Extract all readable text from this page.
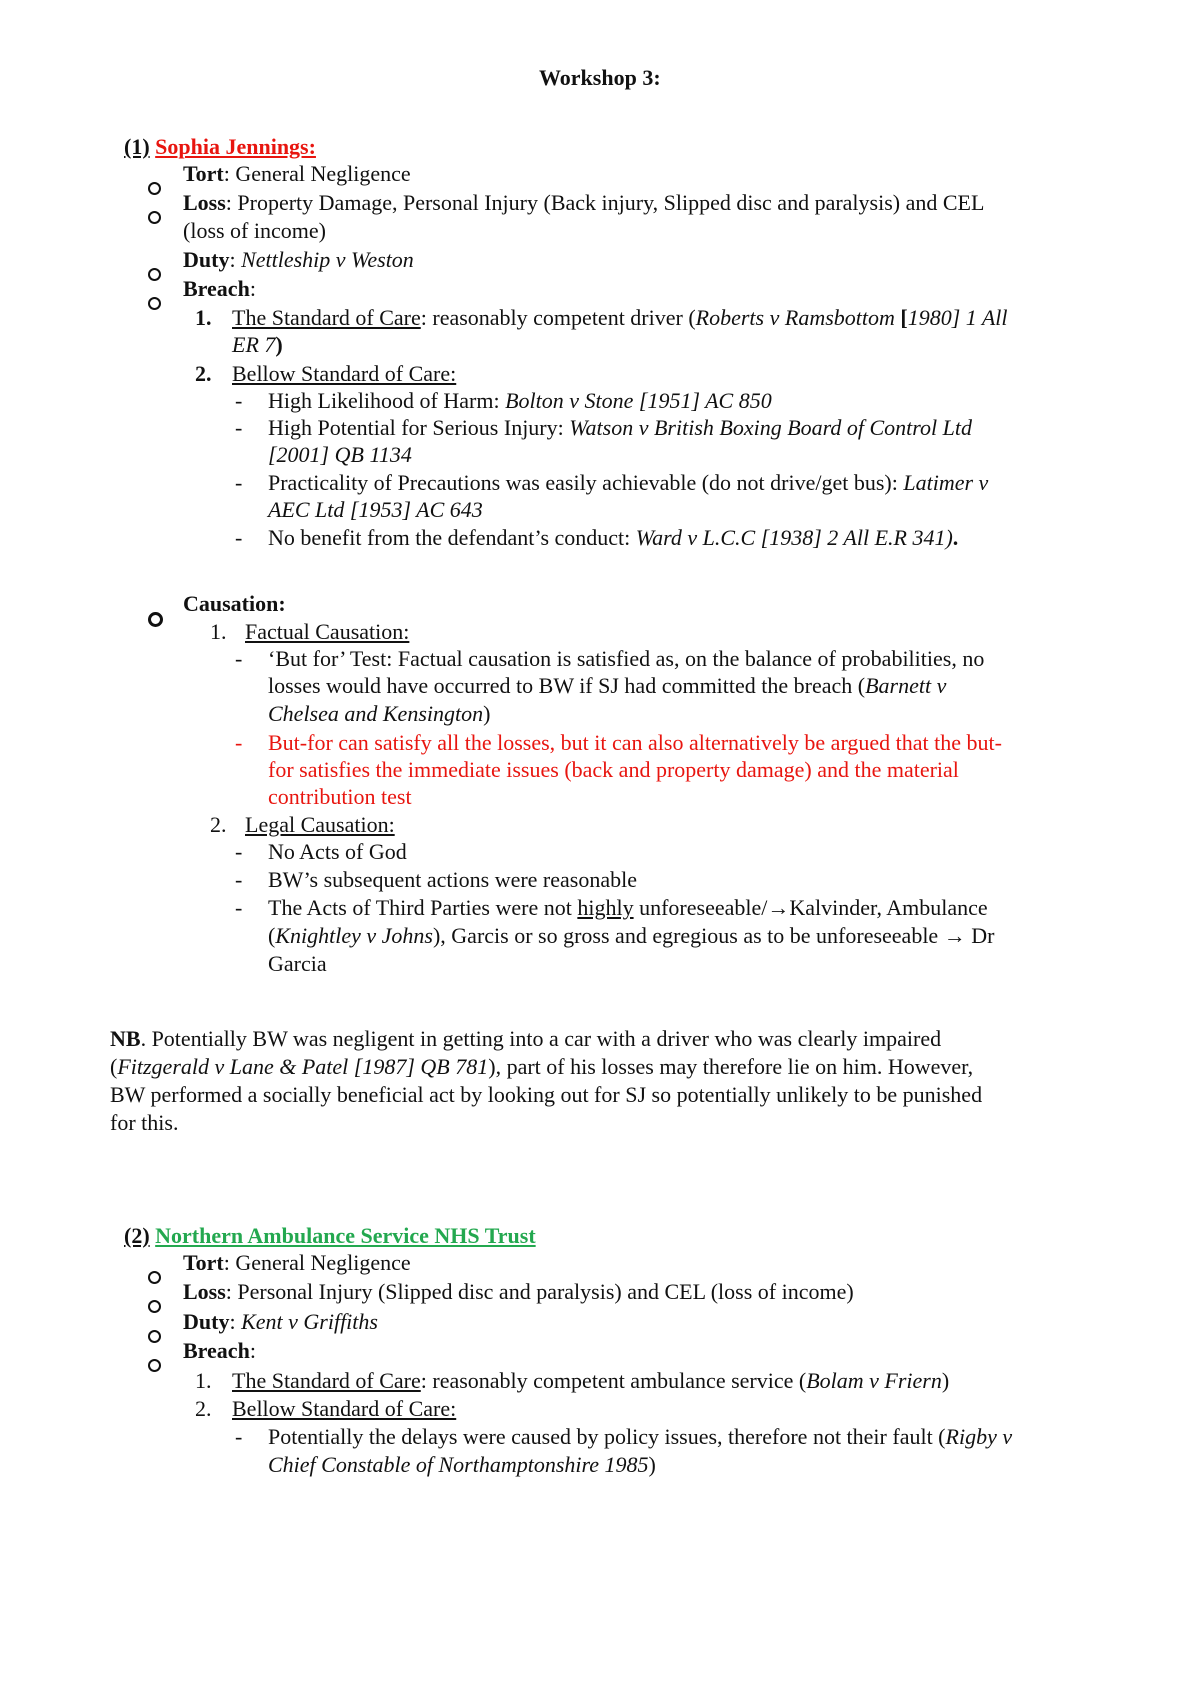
Workshop 3:
(1) Sophia Jennings:
Tort: General Negligence
Loss: Property Damage, Personal Injury (Back injury, Slipped disc and paralysis) and CEL
(loss of income)
Duty: Nettleship v Weston
Breach:
1. The Standard of Care: reasonably competent driver (Roberts v Ramsbottom [1980] 1 All
ER 7)
2. Bellow Standard of Care:
- High Likelihood of Harm: Bolton v Stone [1951] AC 850
- High Potential for Serious Injury: Watson v British Boxing Board of Control Ltd
[2001] QB 1134
- Practicality of Precautions was easily achievable (do not drive/get bus): Latimer v
AEC Ltd [1953] AC 643
- No benefit from the defendant’s conduct: Ward v L.C.C [1938] 2 All E.R 341).
Causation:
1. Factual Causation:
- ‘But for’ Test: Factual causation is satisfied as, on the balance of probabilities, no
losses would have occurred to BW if SJ had committed the breach (Barnett v
Chelsea and Kensington)
- But-for can satisfy all the losses, but it can also alternatively be argued that the but-
for satisfies the immediate issues (back and property damage) and the material
contribution test
2. Legal Causation:
- No Acts of God
- BW’s subsequent actions were reasonable
- The Acts of Third Parties were not highly unforeseeable/→Kalvinder, Ambulance
(Knightley v Johns), Garcis or so gross and egregious as to be unforeseeable → Dr
Garcia
NB. Potentially BW was negligent in getting into a car with a driver who was clearly impaired
(Fitzgerald v Lane & Patel [1987] QB 781), part of his losses may therefore lie on him. However,
BW performed a socially beneficial act by looking out for SJ so potentially unlikely to be punished
for this.
(2) Northern Ambulance Service NHS Trust
Tort: General Negligence
Loss: Personal Injury (Slipped disc and paralysis) and CEL (loss of income)
Duty: Kent v Griffiths
Breach:
1. The Standard of Care: reasonably competent ambulance service (Bolam v Friern)
2. Bellow Standard of Care:
- Potentially the delays were caused by policy issues, therefore not their fault (Rigby v
Chief Constable of Northamptonshire 1985)
